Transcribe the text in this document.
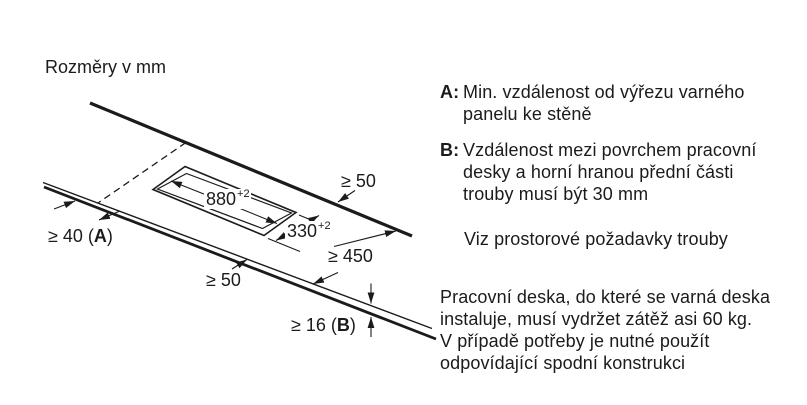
Rozměry v mm
≥ 50
≥ 450
≥ 50
≥ 40 (A)
≥ 16 (B)
$880^{+2}$
$330^{+2}$
A: Min. vzdálenost od výřezu varného
panelu ke stěně
B: Vzdálenost mezi povrchem pracovní
desky a horní hranou přední části
trouby musí být 30 mm
Viz prostorové požadavky trouby
Pracovní deska, do které se varná deska
instaluje, musí vydržet zátěž asi 60 kg.
V případě potřeby je nutné použít
odpovídající spodní konstrukci
